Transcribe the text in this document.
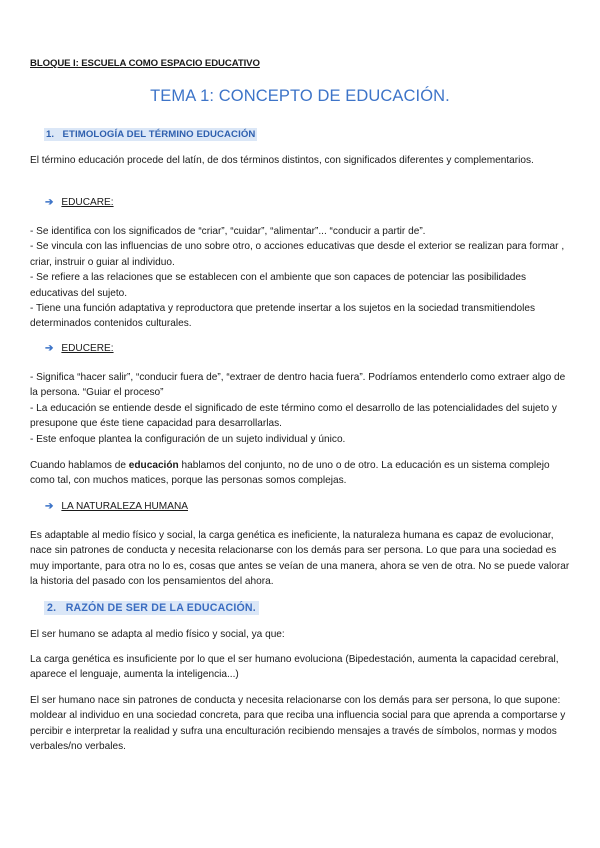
BLOQUE I: ESCUELA COMO ESPACIO EDUCATIVO
TEMA 1: CONCEPTO DE EDUCACIÓN.
1. ETIMOLOGÍA DEL TÉRMINO EDUCACIÓN

El término educación procede del latín, de dos términos distintos, con significados diferentes y complementarios.

➔ EDUCARE:

- Se identifica con los significados de “criar”, “cuidar”, “alimentar”... “conducir a partir de”.

- Se vincula con las influencias de uno sobre otro, o acciones educativas que desde el exterior se realizan para formar , criar, instruir o guiar al individuo.

- Se refiere a las relaciones que se establecen con el ambiente que son capaces de potenciar las posibilidades educativas del sujeto.

- Tiene una función adaptativa y reproductora que pretende insertar a los sujetos en la sociedad transmitiendoles determinados contenidos culturales.

➔ EDUCERE:

- Significa “hacer salir”, “conducir fuera de”, “extraer de dentro hacia fuera”. Podríamos entenderlo como extraer algo de la persona. “Guiar el proceso”

- La educación se entiende desde el significado de este término como el desarrollo de las potencialidades del sujeto y presupone que éste tiene capacidad para desarrollarlas.

- Este enfoque plantea la configuración de un sujeto individual y único.

Cuando hablamos de educación hablamos del conjunto, no de uno o de otro. La educación es un sistema complejo como tal, con muchos matices, porque las personas somos complejas.

➔ LA NATURALEZA HUMANA

Es adaptable al medio físico y social, la carga genética es ineficiente, la naturaleza humana es capaz de evolucionar, nace sin patrones de conducta y necesita relacionarse con los demás para ser persona. Lo que para una sociedad es muy importante, para otra no lo es, cosas que antes se veían de una manera, ahora se ven de otra. No se puede valorar la historia del pasado con los pensamientos del ahora.

2. RAZÓN DE SER DE LA EDUCACIÓN.

El ser humano se adapta al medio físico y social, ya que:

La carga genética es insuficiente por lo que el ser humano evoluciona (Bipedestación, aumenta la capacidad cerebral, aparece el lenguaje, aumenta la inteligencia...)

El ser humano nace sin patrones de conducta y necesita relacionarse con los demás para ser persona, lo que supone: moldear al individuo en una sociedad concreta, para que reciba una influencia social para que aprenda a comportarse y percibir e interpretar la realidad y sufra una enculturación recibiendo mensajes a través de símbolos, normas y modos verbales/no verbales.
